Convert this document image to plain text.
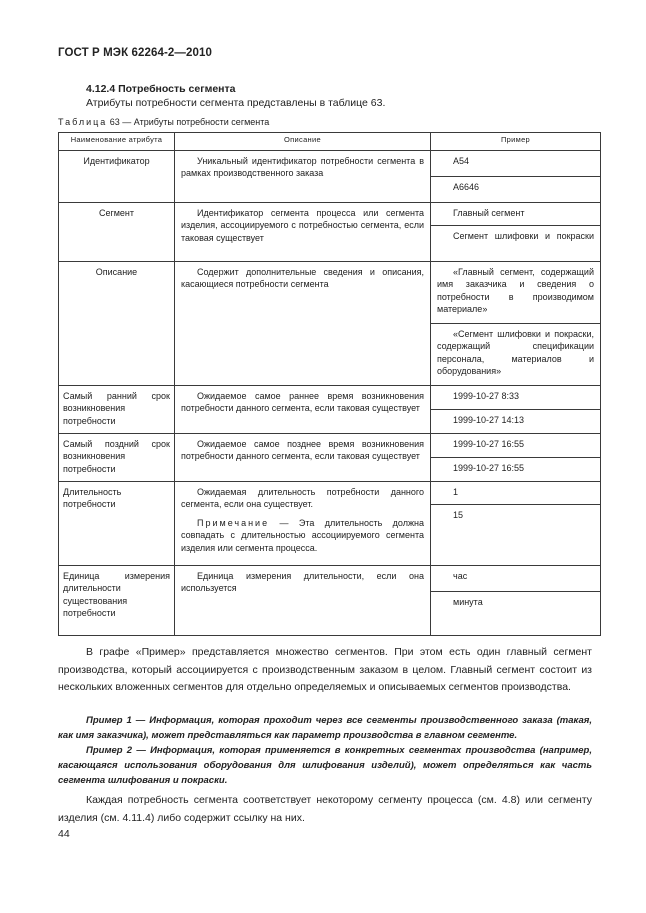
ГОСТ Р МЭК 62264-2—2010
4.12.4 Потребность сегмента
Атрибуты потребности сегмента представлены в таблице 63.
Таблица 63 — Атрибуты потребности сегмента
Наименование атрибута	Описание	Пример
Идентификатор	Уникальный идентификатор потребности сегмента в рамках производственного заказа	A54

		A6646

Сегмент	Идентификатор сегмента процесса или сегмента изделия, ассоциируемого с потребностью сегмента, если таковая существует	Главный сегмент

		Сегмент шлифовки и покраски

Описание	Содержит дополнительные сведения и описания, касающиеся потребности сегмента	«Главный сегмент, содержащий имя заказчика и сведения о потребности в производимом материале»

		«Сегмент шлифовки и покраски, содержащий спецификации персонала, материалов и оборудования»

Самый ранний срок возникновения потребности	Ожидаемое самое раннее время возникновения потребности данного сегмента, если таковая существует	1999-10-27 8:33

		1999-10-27 14:13

Самый поздний срок возникновения потребности	Ожидаемое самое позднее время возникновения потребности данного сегмента, если таковая существует	1999-10-27 16:55

		1999-10-27 16:55

Длительность потребности	Ожидаемая длительность потребности данного сегмента, если она существует.
Примечание — Эта длительность должна совпадать с длительностью ассоциируемого сегмента изделия или сегмента процесса.	1

		15

Единица измерения длительности существования потребности	Единица измерения длительности, если она используется	час

		минута
В графе «Пример» представляется множество сегментов. При этом есть один главный сегмент производства, который ассоциируется с производственным заказом в целом. Главный сегмент состоит из нескольких вложенных сегментов для отдельно определяемых и описываемых сегментов производства.
Пример 1 — Информация, которая проходит через все сегменты производственного заказа (такая, как имя заказчика), может представляться как параметр производства в главном сегменте.
Пример 2 — Информация, которая применяется в конкретных сегментах производства (например, касающаяся использования оборудования для шлифования изделий), может определяться как часть сегмента шлифования и покраски.
Каждая потребность сегмента соответствует некоторому сегменту процесса (см. 4.8) или сегменту изделия (см. 4.11.4) либо содержит ссылку на них.
44
